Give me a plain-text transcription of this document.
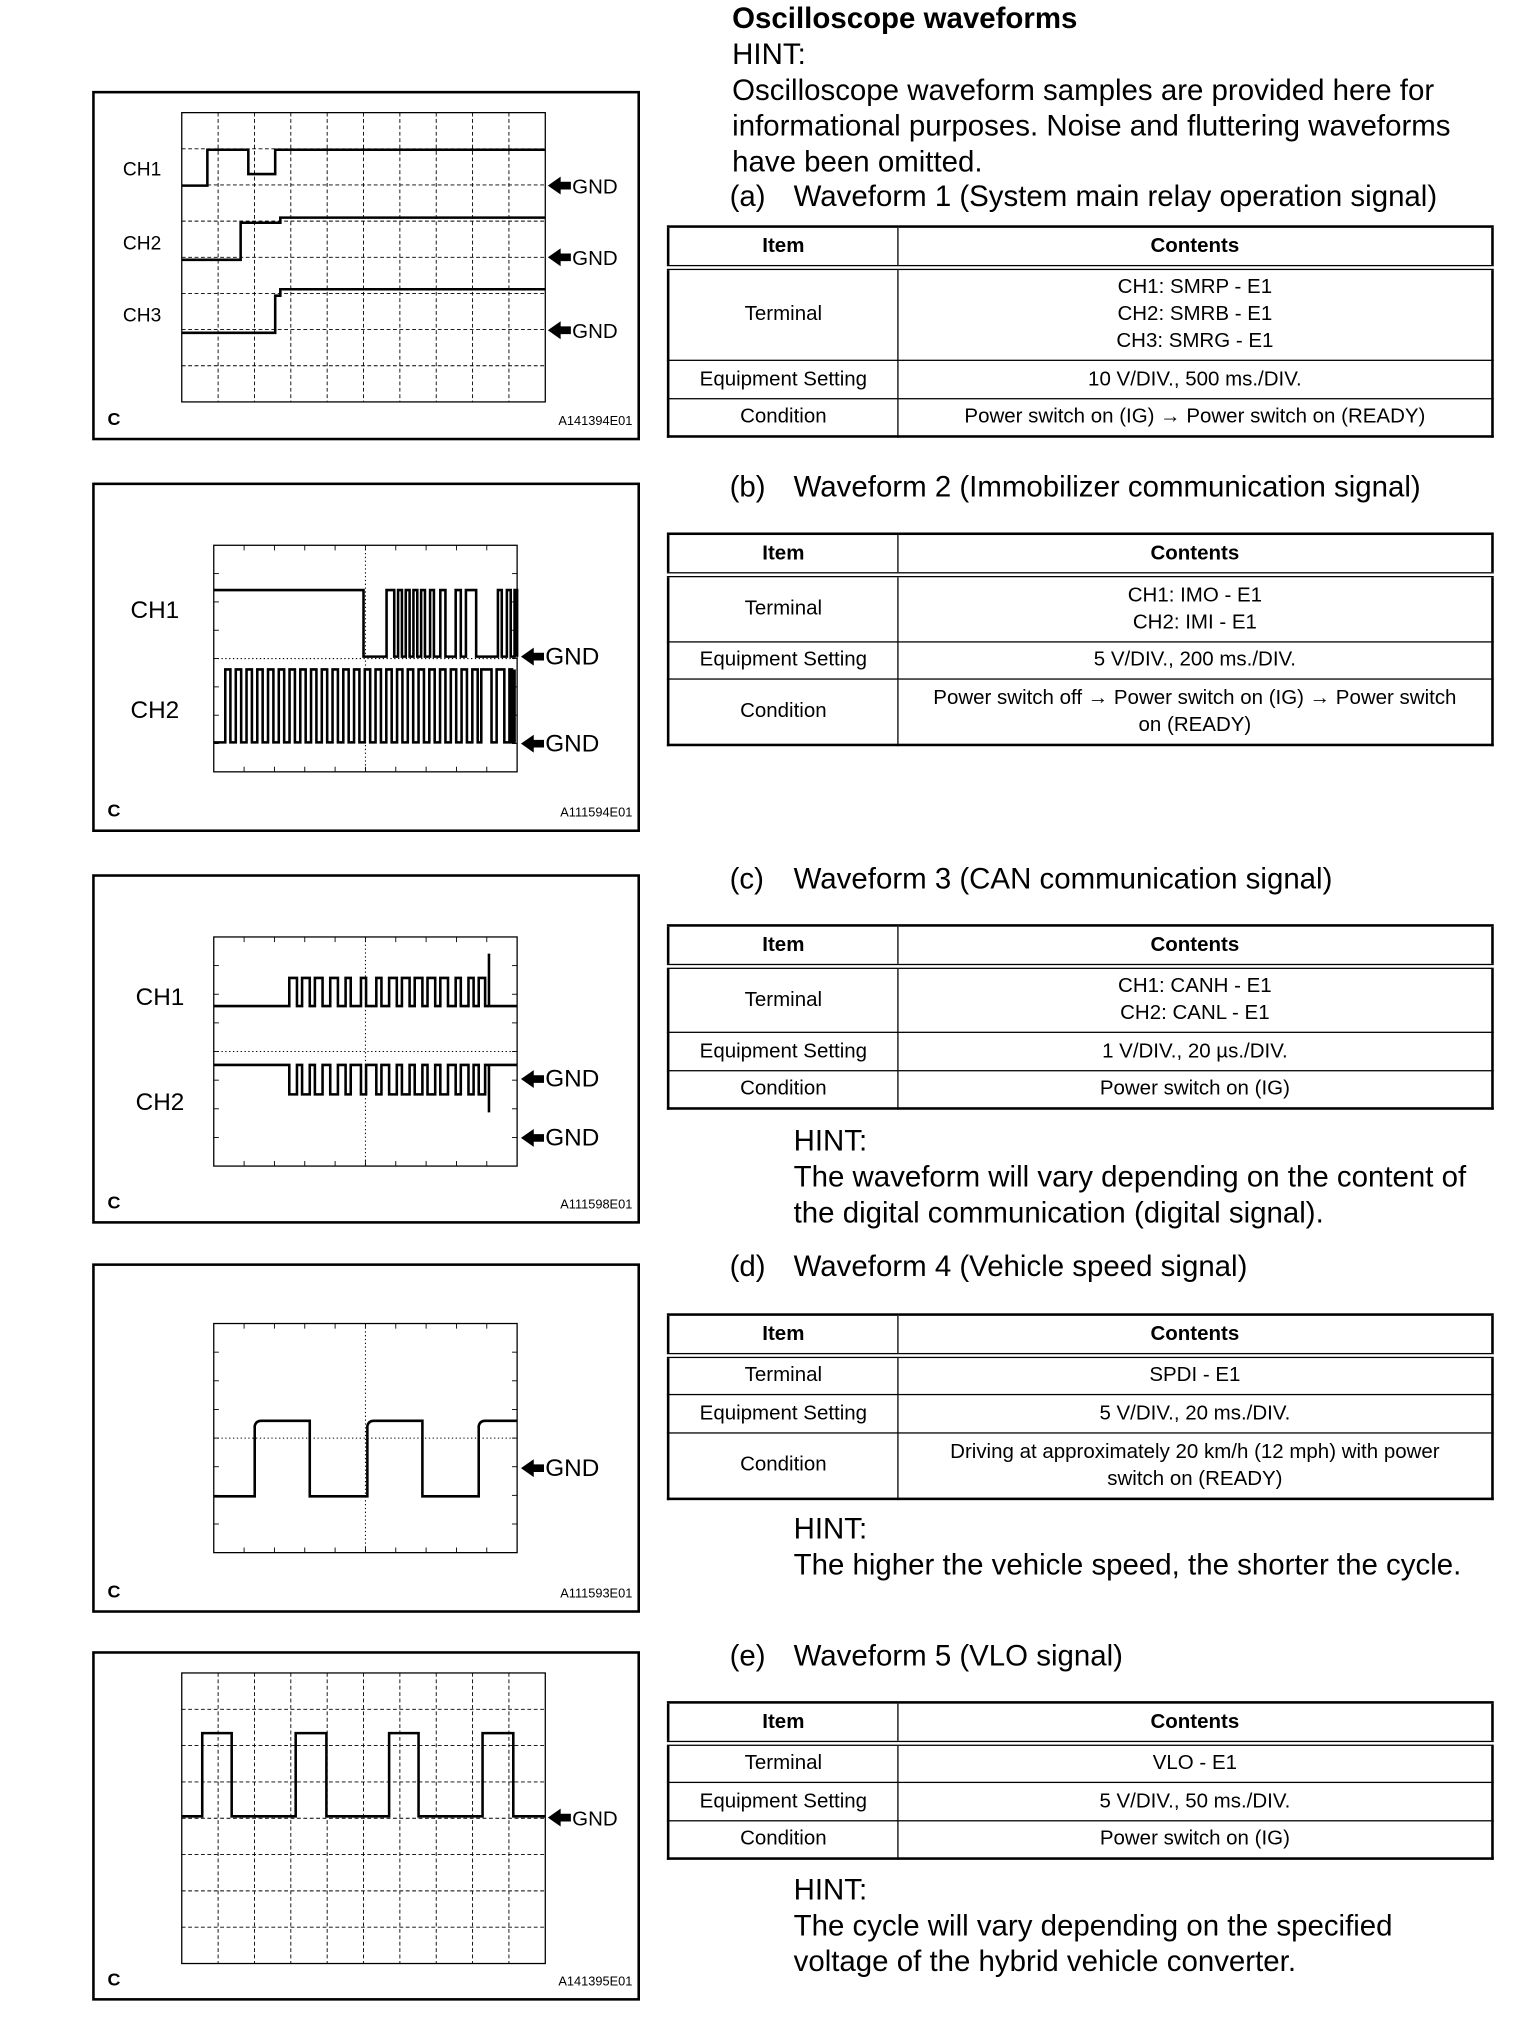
Oscilloscope waveforms
HINT:
Oscilloscope waveform samples are provided here for
informational purposes. Noise and fluttering waveforms
have been omitted.
(a) Waveform 1 (System main relay operation signal)
Item	Contents
Terminal	CH1: SMRP - E1
CH2: SMRB - E1
CH3: SMRG - E1

Equipment Setting	10 V/DIV., 500 ms./DIV.
Condition	Power switch on (IG) → Power switch on (READY)
(b) Waveform 2 (Immobilizer communication signal)
Item	Contents
Terminal	CH1: IMO - E1
CH2: IMI - E1

Equipment Setting	5 V/DIV., 200 ms./DIV.
Condition	Power switch off → Power switch on (IG) → Power switch
on (READY)
(c) Waveform 3 (CAN communication signal)
Item	Contents
Terminal	CH1: CANH - E1
CH2: CANL - E1

Equipment Setting	1 V/DIV., 20 µs./DIV.
Condition	Power switch on (IG)
HINT:
The waveform will vary depending on the content of
the digital communication (digital signal).
(d) Waveform 4 (Vehicle speed signal)
Item	Contents
Terminal	SPDI - E1

Equipment Setting	5 V/DIV., 20 ms./DIV.
Condition	Driving at approximately 20 km/h (12 mph) with power
switch on (READY)
HINT:
The higher the vehicle speed, the shorter the cycle.
(e) Waveform 5 (VLO signal)
Item	Contents
Terminal	VLO - E1

Equipment Setting	5 V/DIV., 50 ms./DIV.
Condition	Power switch on (IG)
HINT:
The cycle will vary depending on the specified
voltage of the hybrid vehicle converter.
CH1
CH2
CH3
GND
GND
GND
C	A141394E01
CH1
CH2
GND
GND
C	A111594E01
CH1
CH2
GND
GND
C	A111598E01
GND
C	A111593E01
GND
C	A141395E01
